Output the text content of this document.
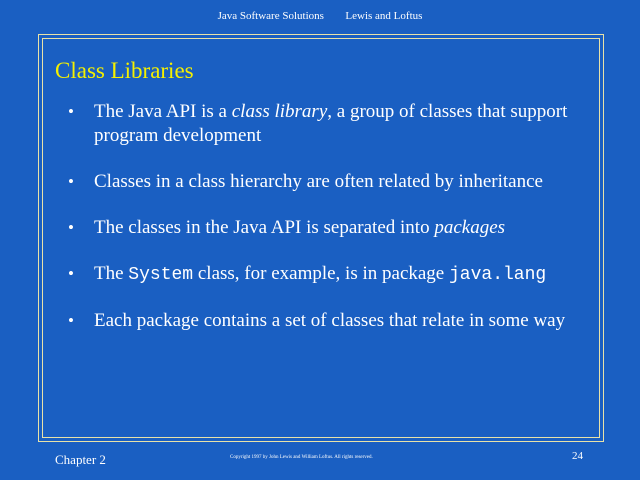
Java Software Solutions Lewis and Loftus
Class Libraries
• The Java API is a class library, a group of classes that support program development
• Classes in a class hierarchy are often related by inheritance
• The classes in the Java API is separated into packages
• The System class, for example, is in package java.lang
• Each package contains a set of classes that relate in some way
Chapter 2	Copyright 1997 by John Lewis and William Loftus. All rights reserved.	24
